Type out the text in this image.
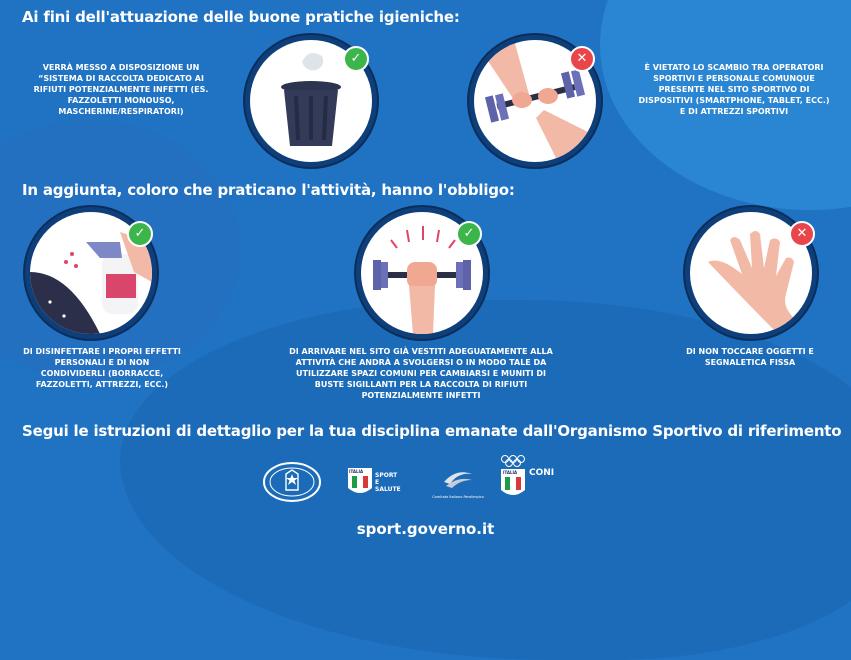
Ai fini dell'attuazione delle buone pratiche igieniche:
In aggiunta, coloro che praticano l'attività, hanno l'obbligo:
VERRÀ MESSO A DISPOSIZIONE UN “SISTEMA DI RACCOLTA DEDICATO AI RIFIUTI POTENZIALMENTE INFETTI (ES. FAZZOLETTI MONOUSO, MASCHERINE/RESPIRATORI)
✓	✕
È VIETATO LO SCAMBIO TRA OPERATORI SPORTIVI E PERSONALE COMUNQUE PRESENTE NEL SITO SPORTIVO DI DISPOSITIVI (SMARTPHONE, TABLET, ECC.) E DI ATTREZZI SPORTIVI
✓
DI DISINFETTARE I PROPRI EFFETTI PERSONALI E DI NON CONDIVIDERLI (BORRACCE, FAZZOLETTI, ATTREZZI, ECC.)
✓
DI ARRIVARE NEL SITO GIÀ VESTITI ADEGUATAMENTE ALLA ATTIVITÀ CHE ANDRÀ A SVOLGERSI O IN MODO TALE DA UTILIZZARE SPAZI COMUNI PER CAMBIARSI E MUNITI DI BUSTE SIGILLANTI PER LA RACCOLTA DI RIFIUTI POTENZIALMENTE INFETTI
✕
DI NON TOCCARE OGGETTI E SEGNALETICA FISSA
Segui le istruzioni di dettaglio per la tua disciplina emanate dall'Organismo Sportivo di riferimento
ITALIA
SPORT E SALUTE
Comitato Italiano Paralimpico
ITALIA CONI
sport.governo.it
